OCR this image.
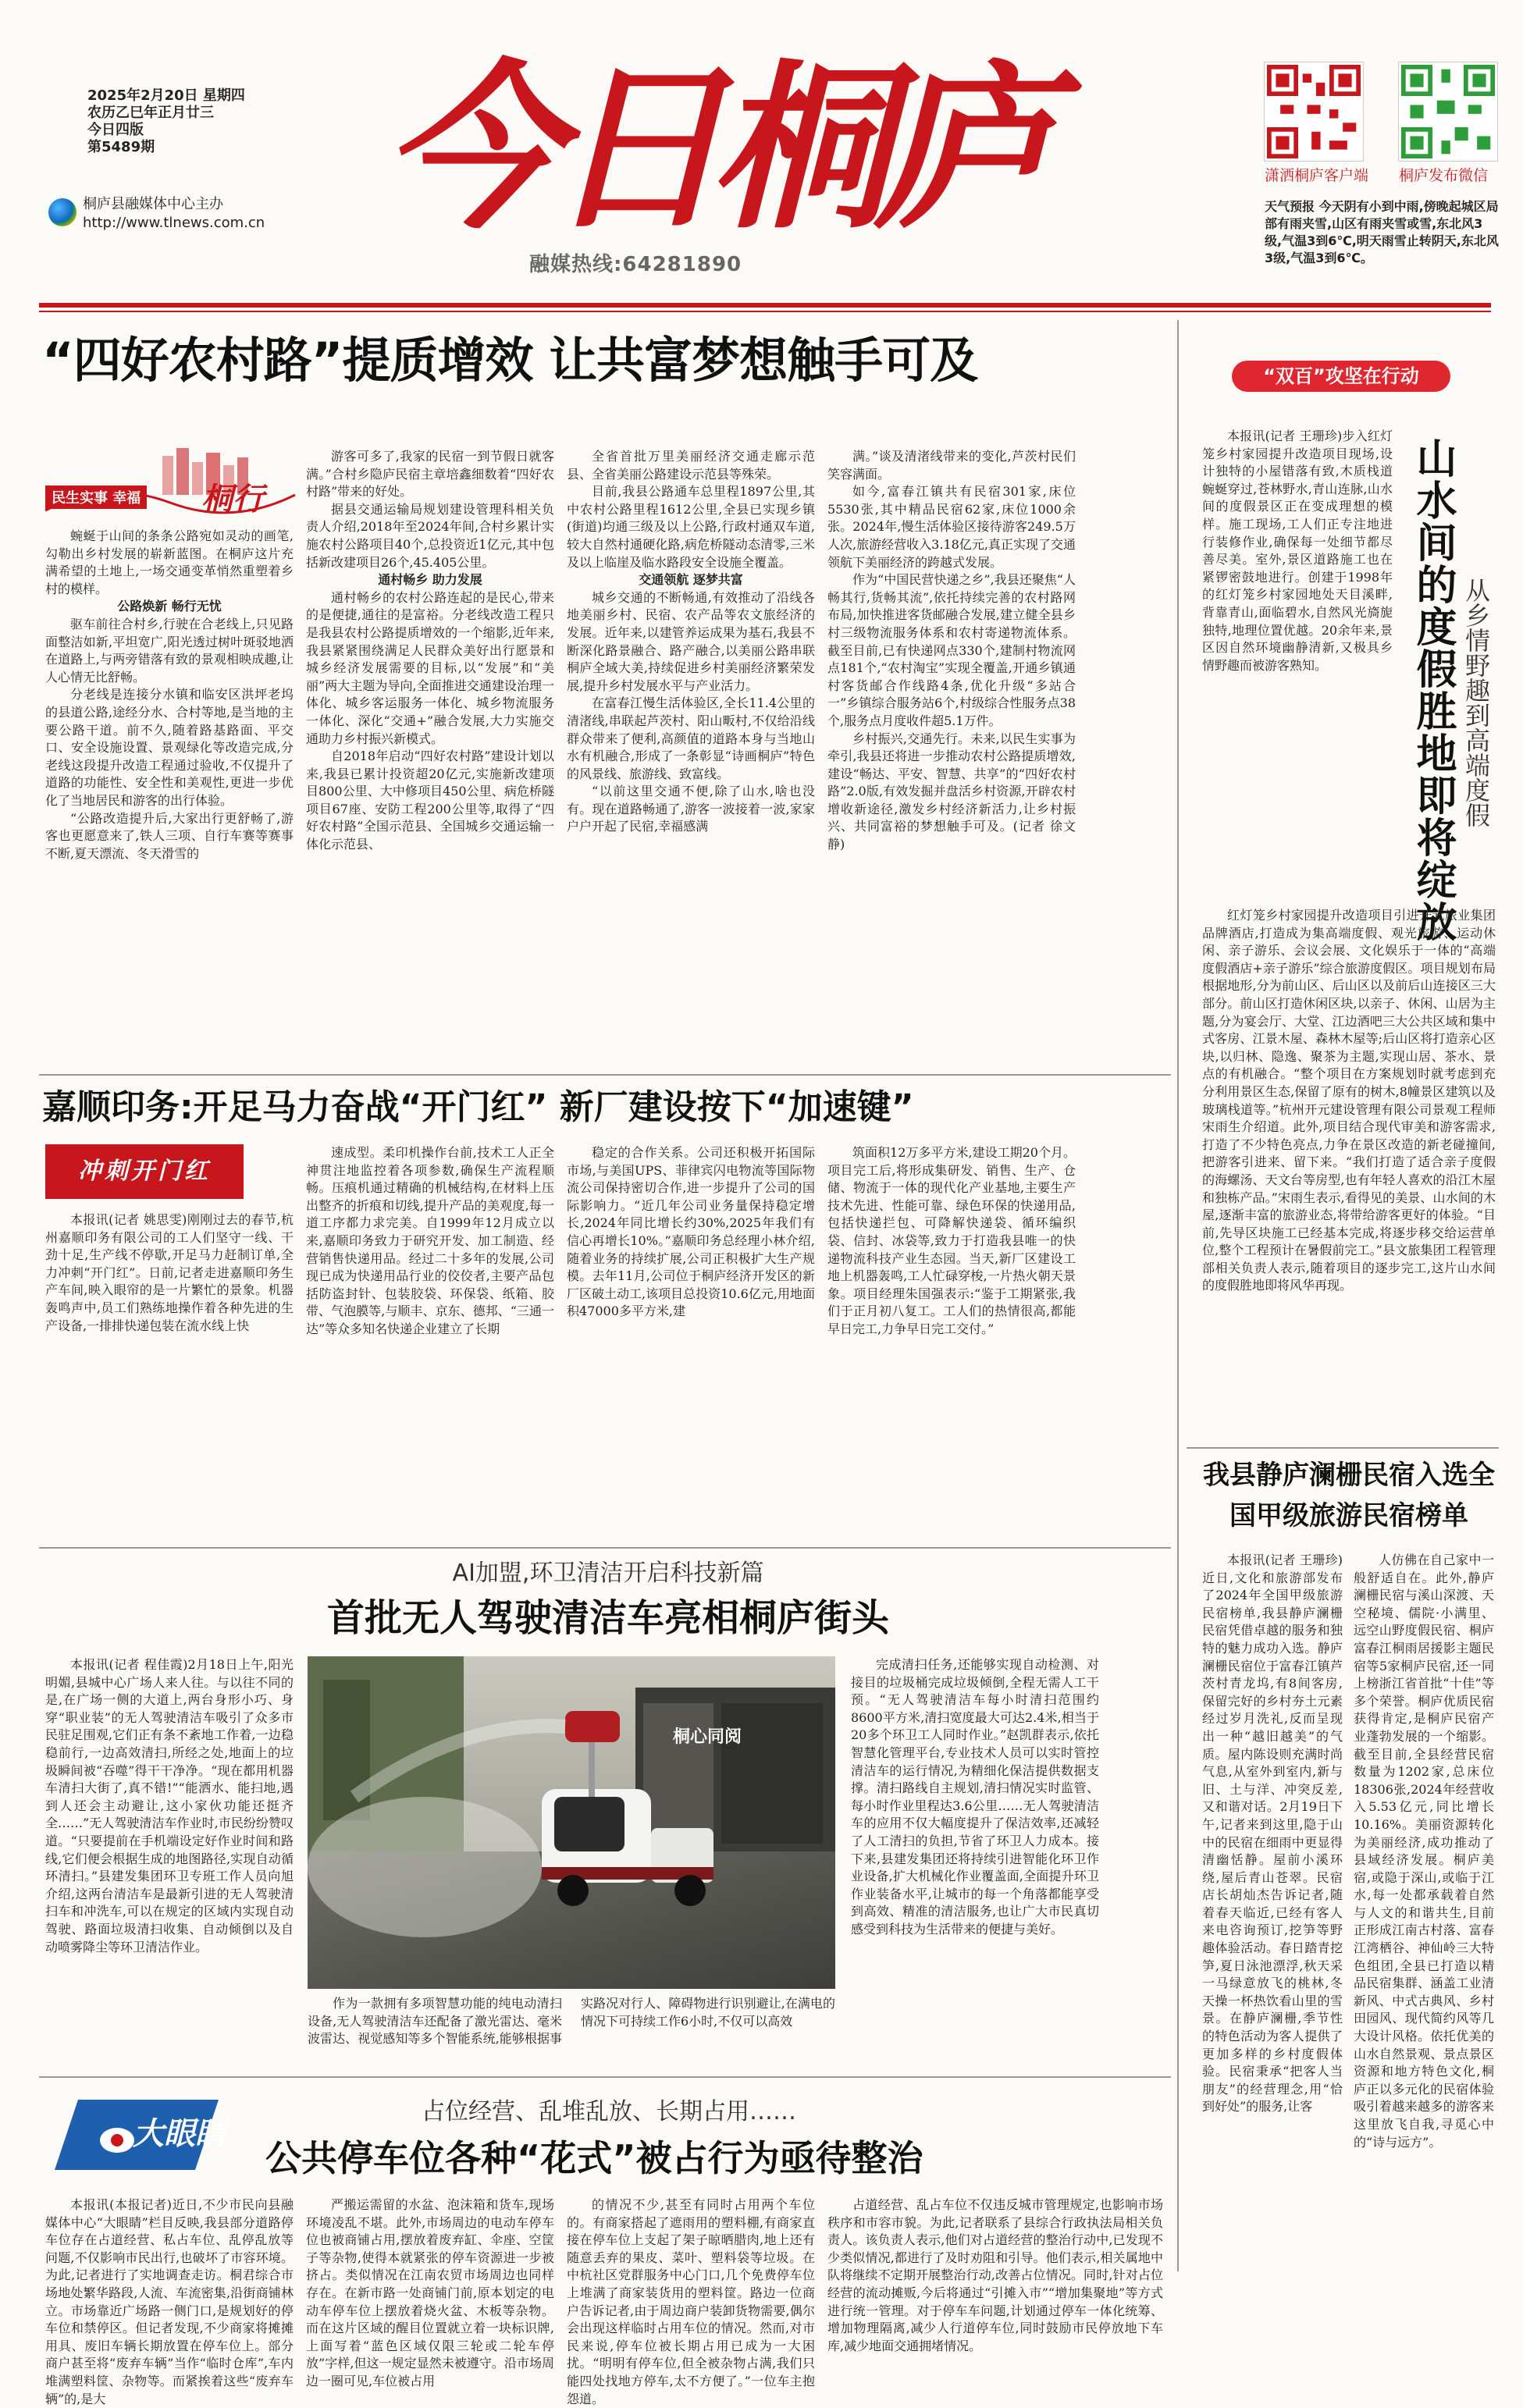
2025年2月20日 星期四
农历乙巳年正月廿三
今日四版
第5489期
桐庐县融媒体中心主办
http://www.tlnews.com.cn 今日桐庐
融媒热线:64281890
潇洒桐庐客户端 桐庐发布微信
天气预报 今天阴有小到中雨,傍晚起城区局部有雨夹雪,山区有雨夹雪或雪,东北风3级,气温3到6℃,明天雨雪止转阴天,东北风3级,气温3到6℃。
“四好农村路”提质增效 让共富梦想触手可及
民生实事 幸福 桐行

蜿蜒于山间的条条公路宛如灵动的画笔,勾勒出乡村发展的崭新蓝图。在桐庐这片充满希望的土地上,一场交通变革悄然重塑着乡村的模样。

公路焕新 畅行无忧

驱车前往合村乡,行驶在合老线上,只见路面整洁如新,平坦宽广,阳光透过树叶斑驳地洒在道路上,与两旁错落有致的景观相映成趣,让人心情无比舒畅。

分老线是连接分水镇和临安区洪坪老坞的县道公路,途经分水、合村等地,是当地的主要公路干道。前不久,随着路基路面、平交口、安全设施设置、景观绿化等改造完成,分老线这段提升改造工程通过验收,不仅提升了道路的功能性、安全性和美观性,更进一步优化了当地居民和游客的出行体验。

“公路改造提升后,大家出行更舒畅了,游客也更愿意来了,铁人三项、自行车赛等赛事不断,夏天漂流、冬天滑雪的

游客可多了,我家的民宿一到节假日就客满。”合村乡隐庐民宿主章培鑫细数着“四好农村路”带来的好处。

据县交通运输局规划建设管理科相关负责人介绍,2018年至2024年间,合村乡累计实施农村公路项目40个,总投资近1亿元,其中包括新改建项目26个,45.405公里。

通村畅乡 助力发展

通村畅乡的农村公路连起的是民心,带来的是便捷,通往的是富裕。分老线改造工程只是我县农村公路提质增效的一个缩影,近年来,我县紧紧围绕满足人民群众美好出行愿景和城乡经济发展需要的目标,以“发展”和“美丽”两大主题为导向,全面推进交通建设治理一体化、城乡客运服务一体化、城乡物流服务一体化、深化“交通+”融合发展,大力实施交通助力乡村振兴新模式。

自2018年启动“四好农村路”建设计划以来,我县已累计投资超20亿元,实施新改建项目800公里、大中修项目450公里、病危桥隧项目67座、安防工程200公里等,取得了“四好农村路”全国示范县、全国城乡交通运输一体化示范县、

全省首批万里美丽经济交通走廊示范县、全省美丽公路建设示范县等殊荣。

目前,我县公路通车总里程1897公里,其中农村公路里程1612公里,全县已实现乡镇(街道)均通三级及以上公路,行政村通双车道,较大自然村通硬化路,病危桥隧动态清零,三米及以上临崖及临水路段安全设施全覆盖。

交通领航 逐梦共富

城乡交通的不断畅通,有效推动了沿线各地美丽乡村、民宿、农产品等农文旅经济的发展。近年来,以建管养运成果为基石,我县不断深化路景融合、路产融合,以美丽公路串联桐庐全域大美,持续促进乡村美丽经济繁荣发展,提升乡村发展水平与产业活力。

在富春江慢生活体验区,全长11.4公里的清渚线,串联起芦茨村、阳山畈村,不仅给沿线群众带来了便利,高颜值的道路本身与当地山水有机融合,形成了一条彰显“诗画桐庐”特色的风景线、旅游线、致富线。

“以前这里交通不便,除了山水,啥也没有。现在道路畅通了,游客一波接着一波,家家户户开起了民宿,幸福感满

满。”谈及清渚线带来的变化,芦茨村民们笑容满面。

如今,富春江镇共有民宿301家,床位5530张,其中精品民宿62家,床位1000余张。2024年,慢生活体验区接待游客249.5万人次,旅游经营收入3.18亿元,真正实现了交通领航下美丽经济的跨越式发展。

作为“中国民营快递之乡”,我县还聚焦“人畅其行,货畅其流”,依托持续完善的农村路网布局,加快推进客货邮融合发展,建立健全县乡村三级物流服务体系和农村寄递物流体系。截至目前,已有快递网点330个,建制村物流网点181个,“农村淘宝”实现全覆盖,开通乡镇通村客货邮合作线路4条,优化升级“多站合一”乡镇综合服务站6个,村级综合性服务点38个,服务点月度收件超5.1万件。

乡村振兴,交通先行。未来,以民生实事为牵引,我县还将进一步推动农村公路提质增效,建设“畅达、平安、智慧、共享”的“四好农村路”2.0版,有效发掘并盘活乡村资源,开辟农村增收新途径,激发乡村经济新活力,让乡村振兴、共同富裕的梦想触手可及。(记者 徐文静)

“双百”攻坚在行动
山水间的度假胜地即将绽放 从乡情野趣到高端度假

本报讯(记者 王珊珍)步入红灯笼乡村家园提升改造项目现场,设计独特的小屋错落有致,木质栈道蜿蜒穿过,苍林野水,青山连脉,山水间的度假景区正在变成理想的模样。施工现场,工人们正专注地进行装修作业,确保每一处细节都尽善尽美。室外,景区道路施工也在紧锣密鼓地进行。创建于1998年的红灯笼乡村家园地处天目溪畔,背靠青山,面临碧水,自然风光旖旎独特,地理位置优越。20余年来,景区因自然环境幽静清新,又极具乡情野趣而被游客熟知。

红灯笼乡村家园提升改造项目引进开元旅业集团品牌酒店,打造成为集高端度假、观光旅游、运动休闲、亲子游乐、会议会展、文化娱乐于一体的“高端度假酒店+亲子游乐”综合旅游度假区。项目规划布局根据地形,分为前山区、后山区以及前后山连接区三大部分。前山区打造休闲区块,以亲子、休闲、山居为主题,分为宴会厅、大堂、江边酒吧三大公共区域和集中式客房、江景木屋、森林木屋等;后山区将打造亲心区块,以归林、隐逸、聚茶为主题,实现山居、茶水、景点的有机融合。“整个项目在方案规划时就考虑到充分利用景区生态,保留了原有的树木,8幢景区建筑以及玻璃栈道等。”杭州开元建设管理有限公司景观工程师宋雨生介绍道。此外,项目结合现代审美和游客需求,打造了不少特色亮点,力争在景区改造的新老碰撞间,把游客引进来、留下来。“我们打造了适合亲子度假的海螺汤、天文台等房型,也有年轻人喜欢的沿江木屋和独栋产品。”宋雨生表示,看得见的美景、山水间的木屋,逐渐丰富的旅游业态,将带给游客更好的体验。“目前,先导区块施工已经基本完成,将逐步移交给运营单位,整个工程预计在暑假前完工。”县文旅集团工程管理部相关负责人表示,随着项目的逐步完工,这片山水间的度假胜地即将风华再现。

嘉顺印务:开足马力奋战“开门红” 新厂建设按下“加速键”
冲刺开门红

本报讯(记者 姚思雯)刚刚过去的春节,杭州嘉顺印务有限公司的工人们坚守一线、干劲十足,生产线不停歇,开足马力赶制订单,全力冲刺“开门红”。日前,记者走进嘉顺印务生产车间,映入眼帘的是一片繁忙的景象。机器轰鸣声中,员工们熟练地操作着各种先进的生产设备,一排排快递包装在流水线上快

速成型。柔印机操作台前,技术工人正全神贯注地监控着各项参数,确保生产流程顺畅。压痕机通过精确的机械结构,在材料上压出整齐的折痕和切线,提升产品的美观度,每一道工序都力求完美。自1999年12月成立以来,嘉顺印务致力于研究开发、加工制造、经营销售快递用品。经过二十多年的发展,公司现已成为快递用品行业的佼佼者,主要产品包括防盗封针、包装胶袋、环保袋、纸箱、胶带、气泡膜等,与顺丰、京东、德邦、“三通一达”等众多知名快递企业建立了长期

稳定的合作关系。公司还积极开拓国际市场,与美国UPS、菲律宾闪电物流等国际物流公司保持密切合作,进一步提升了公司的国际影响力。“近几年公司业务量保持稳定增长,2024年同比增长约30%,2025年我们有信心再增长10%。”嘉顺印务总经理小林介绍,随着业务的持续扩展,公司正积极扩大生产规模。去年11月,公司位于桐庐经济开发区的新厂区破土动工,该项目总投资10.6亿元,用地面积47000多平方米,建

筑面积12万多平方米,建设工期20个月。项目完工后,将形成集研发、销售、生产、仓储、物流于一体的现代化产业基地,主要生产技术先进、性能可靠、绿色环保的快递用品,包括快递拦包、可降解快递袋、循环编织袋、信封、冰袋等,致力于打造我县唯一的快递物流科技产业生态园。当天,新厂区建设工地上机器轰鸣,工人忙碌穿梭,一片热火朝天景象。项目经理朱国强表示:“鉴于工期紧张,我们于正月初八复工。工人们的热情很高,都能早日完工,力争早日完工交付。”

AI加盟,环卫清洁开启科技新篇
首批无人驾驶清洁车亮相桐庐街头

本报讯(记者 程佳霞)2月18日上午,阳光明媚,县城中心广场人来人往。与以往不同的是,在广场一侧的大道上,两台身形小巧、身穿“职业装”的无人驾驶清洁车吸引了众多市民驻足围观,它们正有条不紊地工作着,一边稳稳前行,一边高效清扫,所经之处,地面上的垃圾瞬间被“吞噬”得干干净净。“现在都用机器车清扫大街了,真不错!”“能洒水、能扫地,遇到人还会主动避让,这小家伙功能还挺齐全……”无人驾驶清洁车作业时,市民纷纷赞叹道。“只要提前在手机端设定好作业时间和路线,它们便会根据生成的地图路径,实现自动循环清扫。”县建发集团环卫专班工作人员向旭介绍,这两台清洁车是最新引进的无人驾驶清扫车和冲洗车,可以在规定的区域内实现自动驾驶、路面垃圾清扫收集、自动倾倒以及自动喷雾降尘等环卫清洁作业。

桐心同阅

作为一款拥有多项智慧功能的纯电动清扫设备,无人驾驶清洁车还配备了激光雷达、毫米波雷达、视觉感知等多个智能系统,能够根据事实路况对行人、障碍物进行识别避让,在满电的情况下可持续工作6小时,不仅可以高效

完成清扫任务,还能够实现自动检测、对接目的垃圾桶完成垃圾倾倒,全程无需人工干预。“无人驾驶清洁车每小时清扫范围约8600平方米,清扫宽度最大可达2.4米,相当于20多个环卫工人同时作业。”赵凯群表示,依托智慧化管理平台,专业技术人员可以实时管控清洁车的运行情况,为精细化保洁提供数据支撑。清扫路线自主规划,清扫情况实时监管、每小时作业里程达3.6公里……无人驾驶清洁车的应用不仅大幅度提升了保洁效率,还减轻了人工清扫的负担,节省了环卫人力成本。接下来,县建发集团还将持续引进智能化环卫作业设备,扩大机械化作业覆盖面,全面提升环卫作业装备水平,让城市的每一个角落都能享受到高效、精准的清洁服务,也让广大市民真切感受到科技为生活带来的便捷与美好。

我县静庐澜栅民宿入选全国甲级旅游民宿榜单

本报讯(记者 王珊珍)近日,文化和旅游部发布了2024年全国甲级旅游民宿榜单,我县静庐澜栅民宿凭借卓越的服务和独特的魅力成功入选。静庐澜栅民宿位于富春江镇芦茨村青龙坞,有8间客房,保留完好的乡村夯土元素经过岁月洗礼,反而呈现出一种“越旧越美”的气质。屋内陈设则充满时尚气息,从室外到室内,新与旧、土与洋、冲突反差,又和谐对话。2月19日下午,记者来到这里,隐于山中的民宿在细雨中更显得清幽恬静。屋前小溪环绕,屋后青山苍翠。民宿店长胡灿杰告诉记者,随着春天临近,已经有客人来电咨询预订,挖笋等野趣体验活动。春日踏青挖笋,夏日泳池漂浮,秋天采一马绿意放飞的桃林,冬天操一杯热饮看山里的雪景。在静庐澜栅,季节性的特色活动为客人提供了更加多样的乡村度假体验。民宿秉承“把客人当朋友”的经营理念,用“恰到好处”的服务,让客

人仿佛在自己家中一般舒适自在。此外,静庐澜栅民宿与溪山深渡、天空秘境、儒院·小满里、远空山野度假民宿、桐庐富春江桐雨居援影主题民宿等5家桐庐民宿,还一同上榜浙江省首批“十佳”等多个荣誉。桐庐优质民宿获得肯定,是桐庐民宿产业蓬勃发展的一个缩影。截至目前,全县经营民宿数量为1202家,总床位18306张,2024年经营收入5.53亿元,同比增长10.16%。美丽资源转化为美丽经济,成功推动了县域经济发展。桐庐美宿,或隐于深山,或临于江水,每一处都承载着自然与人文的和谐共生,目前正形成江南古村落、富春江湾栖谷、神仙岭三大特色组团,全县已打造以精品民宿集群、涵盖工业清新风、中式古典风、乡村田园风、现代简约风等几大设计风格。依托优美的山水自然景观、景点景区资源和地方特色文化,桐庐正以多元化的民宿体验吸引着越来越多的游客来这里放飞自我,寻觅心中的“诗与远方”。

大眼睛
占位经营、乱堆乱放、长期占用……
公共停车位各种“花式”被占行为亟待整治

本报讯(本报记者)近日,不少市民向县融媒体中心“大眼睛”栏目反映,我县部分道路停车位存在占道经营、私占车位、乱停乱放等问题,不仅影响市民出行,也破坏了市容环境。为此,记者进行了实地调查走访。桐君综合市场地处繁华路段,人流、车流密集,沿街商铺林立。市场靠近广场路一侧门口,是规划好的停车位和禁停区。但记者发现,不少商家将摊摊用具、废旧车辆长期放置在停车位上。部分商户甚至将“废弃车辆”当作“临时仓库”,车内堆满塑料筐、杂物等。而紧挨着这些“废弃车辆”的,是大

严搬运需留的水盆、泡沫箱和货车,现场环境凌乱不堪。此外,市场周边的电动车停车位也被商铺占用,摆放着废弃缸、伞座、空筐子等杂物,使得本就紧张的停车资源进一步被挤占。类似情况在江南农贸市场周边也同样存在。在新市路一处商铺门前,原本划定的电动车停车位上摆放着烧火盆、木板等杂物。而在这片区域的醒目位置就立着一块标识牌,上面写着“蓝色区域仅限三轮或二轮车停放”字样,但这一规定显然未被遵守。沿市场周边一圈可见,车位被占用

的情况不少,甚至有同时占用两个车位的。有商家搭起了遮雨用的塑料棚,有商家直接在停车位上支起了架子晾晒腊肉,地上还有随意丢弃的果皮、菜叶、塑料袋等垃圾。在中杭社区党群服务中心门口,几个免费停车位上堆满了商家装货用的塑料筐。路边一位商户告诉记者,由于周边商户装卸货物需要,偶尔会出现这样临时占用车位的情况。然而,对市民来说,停车位被长期占用已成为一大困扰。“明明有停车位,但全被杂物占满,我们只能四处找地方停车,太不方便了。”一位车主抱怨道。

占道经营、乱占车位不仅违反城市管理规定,也影响市场秩序和市容市貌。为此,记者联系了县综合行政执法局相关负责人。该负责人表示,他们对占道经营的整治行动中,已发现不少类似情况,都进行了及时劝阻和引导。他们表示,相关属地中队将继续不定期开展整治行动,改善占位情况。同时,针对占位经营的流动摊贩,今后将通过“引摊入市”“增加集聚地”等方式进行统一管理。对于停车车问题,计划通过停车一体化统筹、增加物理隔离,减少人行道停车位,同时鼓励市民停放地下车库,减少地面交通拥堵情况。
